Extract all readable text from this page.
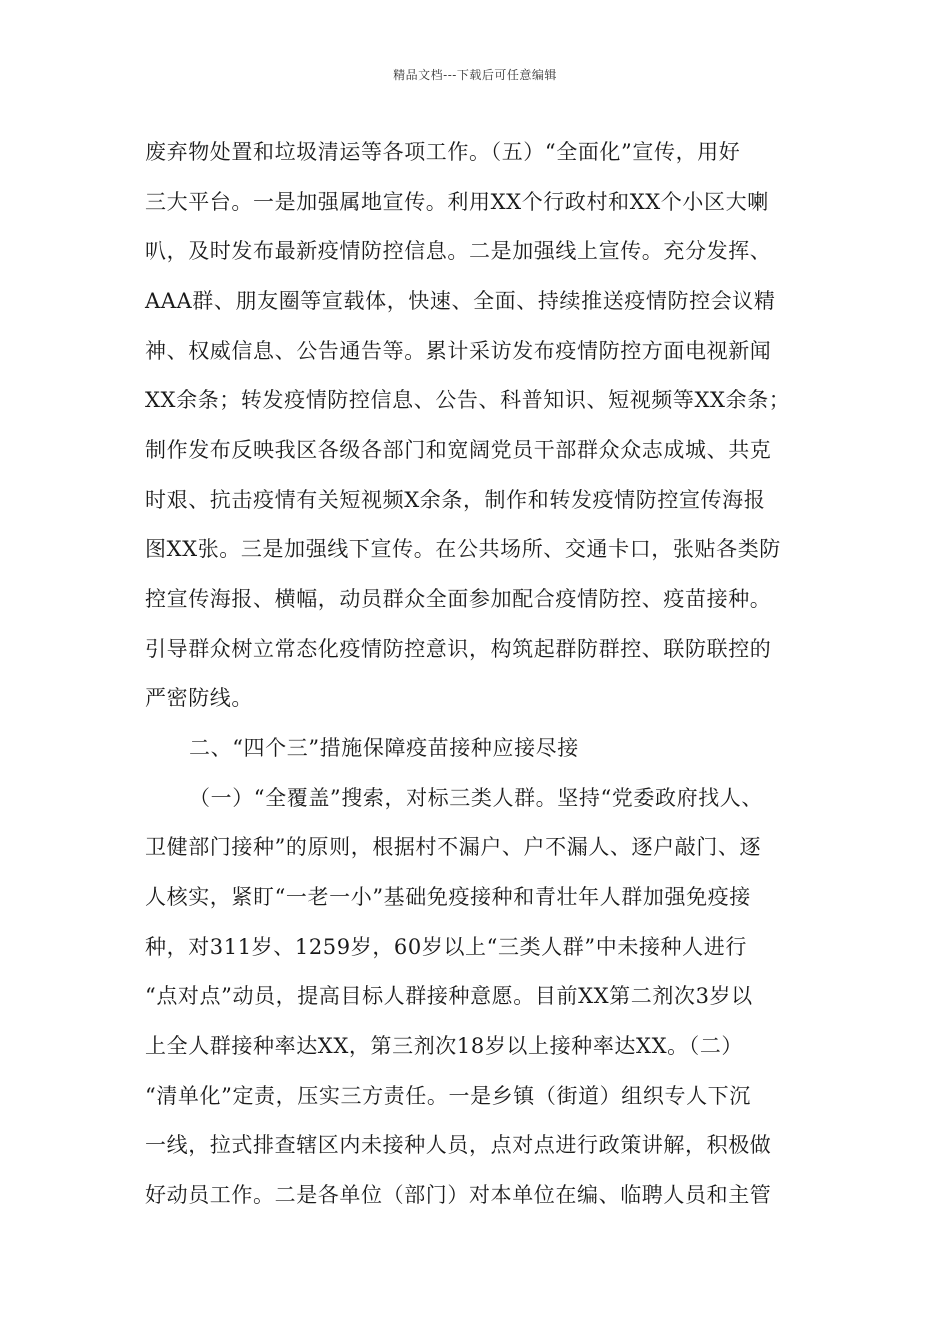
精品文档---下载后可任意编辑
废弃物处置和垃圾清运等各项工作。（五）“全面化”宣传，用好
三大平台。一是加强属地宣传。利用XX个行政村和XX个小区大喇
叭，及时发布最新疫情防控信息。二是加强线上宣传。充分发挥、
AAA群、朋友圈等宣载体，快速、全面、持续推送疫情防控会议精
神、权威信息、公告通告等。累计采访发布疫情防控方面电视新闻
XX余条；转发疫情防控信息、公告、科普知识、短视频等XX余条；
制作发布反映我区各级各部门和宽阔党员干部群众众志成城、共克
时艰、抗击疫情有关短视频X余条，制作和转发疫情防控宣传海报
图XX张。三是加强线下宣传。在公共场所、交通卡口，张贴各类防
控宣传海报、横幅，动员群众全面参加配合疫情防控、疫苗接种。
引导群众树立常态化疫情防控意识，构筑起群防群控、联防联控的
严密防线。
二、“四个三”措施保障疫苗接种应接尽接
（一）“全覆盖”搜索，对标三类人群。坚持“党委政府找人、
卫健部门接种”的原则，根据村不漏户、户不漏人、逐户敲门、逐
人核实，紧盯“一老一小”基础免疫接种和青壮年人群加强免疫接
种，对311岁、1259岁，60岁以上“三类人群”中未接种人进行
“点对点”动员，提高目标人群接种意愿。目前XX第二剂次3岁以
上全人群接种率达XX，第三剂次18岁以上接种率达XX。（二）
“清单化”定责，压实三方责任。一是乡镇（街道）组织专人下沉
一线，拉式排查辖区内未接种人员，点对点进行政策讲解，积极做
好动员工作。二是各单位（部门）对本单位在编、临聘人员和主管
